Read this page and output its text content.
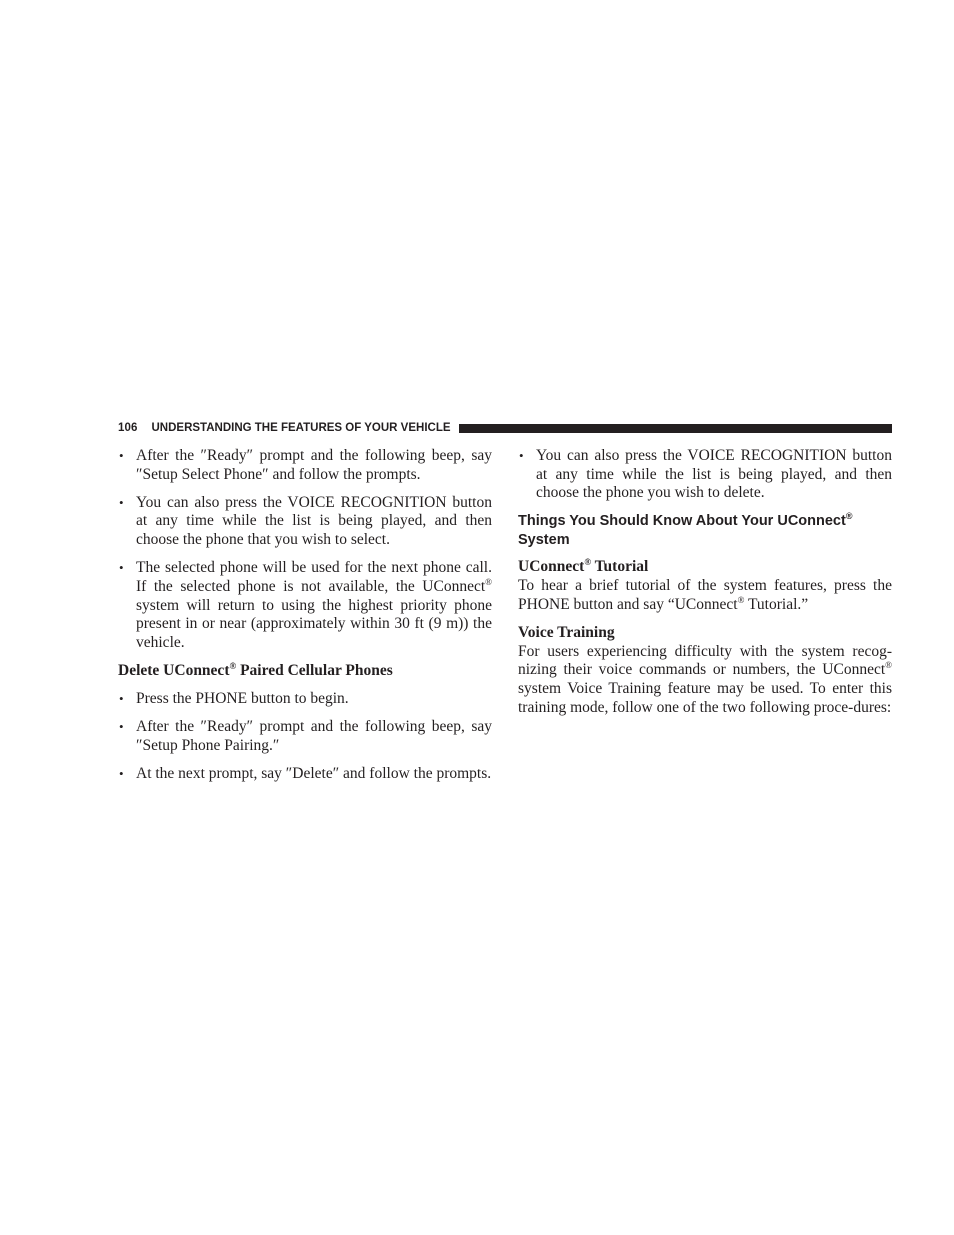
106 UNDERSTANDING THE FEATURES OF YOUR VEHICLE
• After the ″Ready″ prompt and the following beep, say ″Setup Select Phone″ and follow the prompts.
• You can also press the VOICE RECOGNITION button at any time while the list is being played, and then choose the phone that you wish to select.
• The selected phone will be used for the next phone call. If the selected phone is not available, the UConnect® system will return to using the highest priority phone present in or near (approximately within 30 ft (9 m)) the vehicle.
Delete UConnect® Paired Cellular Phones
• Press the PHONE button to begin.
• After the ″Ready″ prompt and the following beep, say ″Setup Phone Pairing.″
• At the next prompt, say ″Delete″ and follow the prompts.
• You can also press the VOICE RECOGNITION button at any time while the list is being played, and then choose the phone you wish to delete.
Things You Should Know About Your UConnect® System
UConnect® Tutorial
To hear a brief tutorial of the system features, press the PHONE button and say “UConnect® Tutorial.”
Voice Training
For users experiencing difficulty with the system recog-nizing their voice commands or numbers, the UConnect® system Voice Training feature may be used. To enter this training mode, follow one of the two following proce-dures:
